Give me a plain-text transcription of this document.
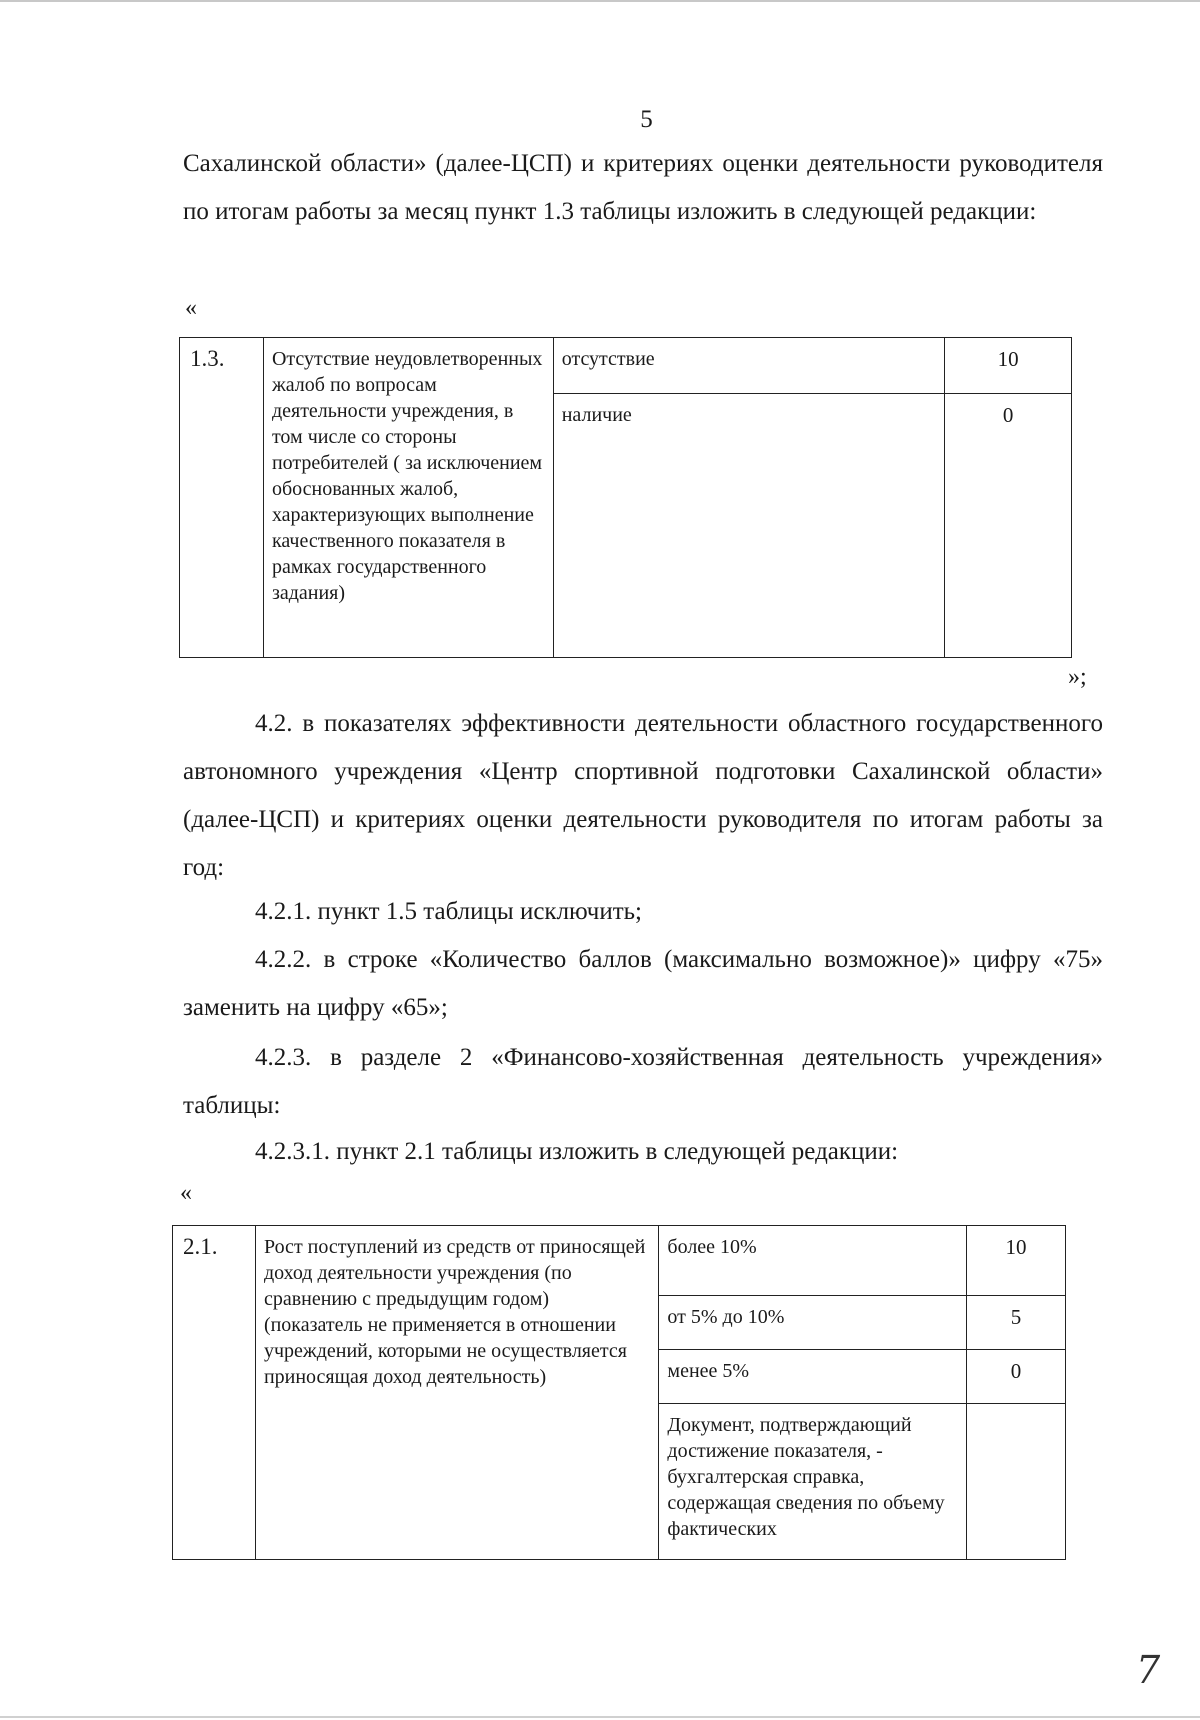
5
Сахалинской области» (далее-ЦСП) и критериях оценки деятельности руководителя по итогам работы за месяц пункт 1.3 таблицы изложить в следующей редакции:
«
1.3.	Отсутствие неудовлетворенных жалоб по вопросам деятельности учреждения, в том числе со стороны потребителей ( за исключением обоснованных жалоб, характеризующих выполнение качественного показателя в рамках государственного задания)	отсутствие	10
		наличие	0
»;
4.2. в показателях эффективности деятельности областного государственного автономного учреждения «Центр спортивной подготовки Сахалинской области» (далее-ЦСП) и критериях оценки деятельности руководителя по итогам работы за год:
4.2.1. пункт 1.5 таблицы исключить;
4.2.2. в строке «Количество баллов (максимально возможное)» цифру «75» заменить на цифру «65»;
4.2.3. в разделе 2 «Финансово-хозяйственная деятельность учреждения» таблицы:
4.2.3.1. пункт 2.1 таблицы изложить в следующей редакции:
«
2.1.	Рост поступлений из средств от приносящей доход деятельности учреждения (по сравнению с предыдущим годом) (показатель не применяется в отношении учреждений, которыми не осуществляется приносящая доход деятельность)	более 10%	10
		от 5% до 10%	5
		менее 5%	0
		Документ, подтверждающий достижение показателя, - бухгалтерская справка, содержащая сведения по объему фактических	
7
